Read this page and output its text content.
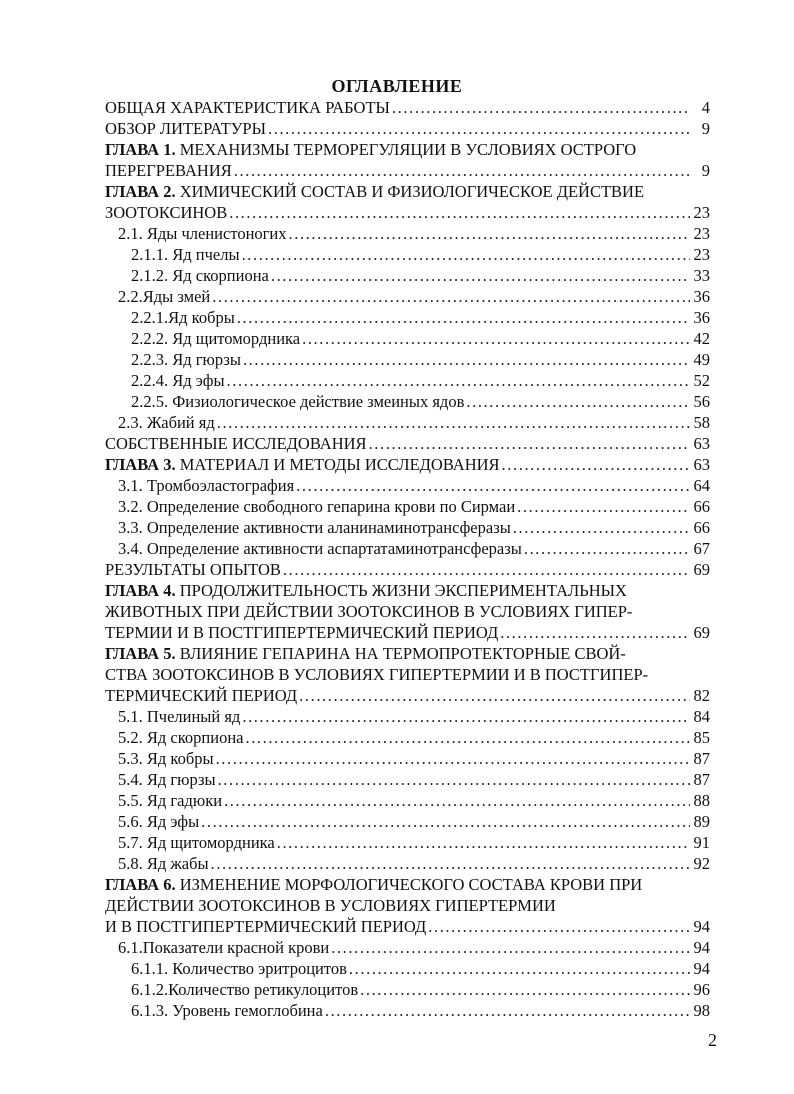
ОГЛАВЛЕНИЕ
ОБЩАЯ ХАРАКТЕРИСТИКА РАБОТЫ .....	4
ОБЗОР ЛИТЕРАТУРЫ .....	9
ГЛАВА 1. МЕХАНИЗМЫ ТЕРМОРЕГУЛЯЦИИ В УСЛОВИЯХ ОСТРОГО
ПЕРЕГРЕВАНИЯ .....	9
ГЛАВА 2. ХИМИЧЕСКИЙ СОСТАВ И ФИЗИОЛОГИЧЕСКОЕ ДЕЙСТВИЕ
ЗООТОКСИНОВ .....	23
2.1. Яды членистоногих .....	23
2.1.1. Яд пчелы .....	23
2.1.2. Яд скорпиона .....	33
2.2.Яды змей .....	36
2.2.1.Яд кобры .....	36
2.2.2. Яд щитомордника .....	42
2.2.3. Яд гюрзы .....	49
2.2.4. Яд эфы .....	52
2.2.5. Физиологическое действие змеиных ядов .....	56
2.3. Жабий яд .....	58
СОБСТВЕННЫЕ ИССЛЕДОВАНИЯ .....	63
ГЛАВА 3. МАТЕРИАЛ И МЕТОДЫ ИССЛЕДОВАНИЯ .....	63
3.1. Тромбоэластография .....	64
3.2. Определение свободного гепарина крови по Сирмаи .....	66
3.3. Определение активности аланинаминотрансферазы .....	66
3.4. Определение активности аспартатаминотрансферазы .....	67
РЕЗУЛЬТАТЫ ОПЫТОВ .....	69
ГЛАВА 4. ПРОДОЛЖИТЕЛЬНОСТЬ ЖИЗНИ ЭКСПЕРИМЕНТАЛЬНЫХ
ЖИВОТНЫХ ПРИ ДЕЙСТВИИ ЗООТОКСИНОВ В УСЛОВИЯХ ГИПЕР-
ТЕРМИИ И В ПОСТГИПЕРТЕРМИЧЕСКИЙ ПЕРИОД .....	69
ГЛАВА 5. ВЛИЯНИЕ ГЕПАРИНА НА ТЕРМОПРОТЕКТОРНЫЕ СВОЙ-
СТВА ЗООТОКСИНОВ В УСЛОВИЯХ ГИПЕРТЕРМИИ И В ПОСТГИПЕР-
ТЕРМИЧЕСКИЙ ПЕРИОД .....	82
5.1. Пчелиный яд .....	84
5.2. Яд скорпиона .....	85
5.3. Яд кобры .....	87
5.4. Яд гюрзы .....	87
5.5. Яд гадюки .....	88
5.6. Яд эфы .....	89
5.7. Яд щитомордника .....	91
5.8. Яд жабы .....	92
ГЛАВА 6. ИЗМЕНЕНИЕ МОРФОЛОГИЧЕСКОГО СОСТАВА КРОВИ ПРИ
ДЕЙСТВИИ ЗООТОКСИНОВ В УСЛОВИЯХ ГИПЕРТЕРМИИ
И В ПОСТГИПЕРТЕРМИЧЕСКИЙ ПЕРИОД .....	94
6.1.Показатели красной крови .....	94
6.1.1. Количество эритроцитов .....	94
6.1.2.Количество ретикулоцитов .....	96
6.1.3. Уровень гемоглобина .....	98
2
